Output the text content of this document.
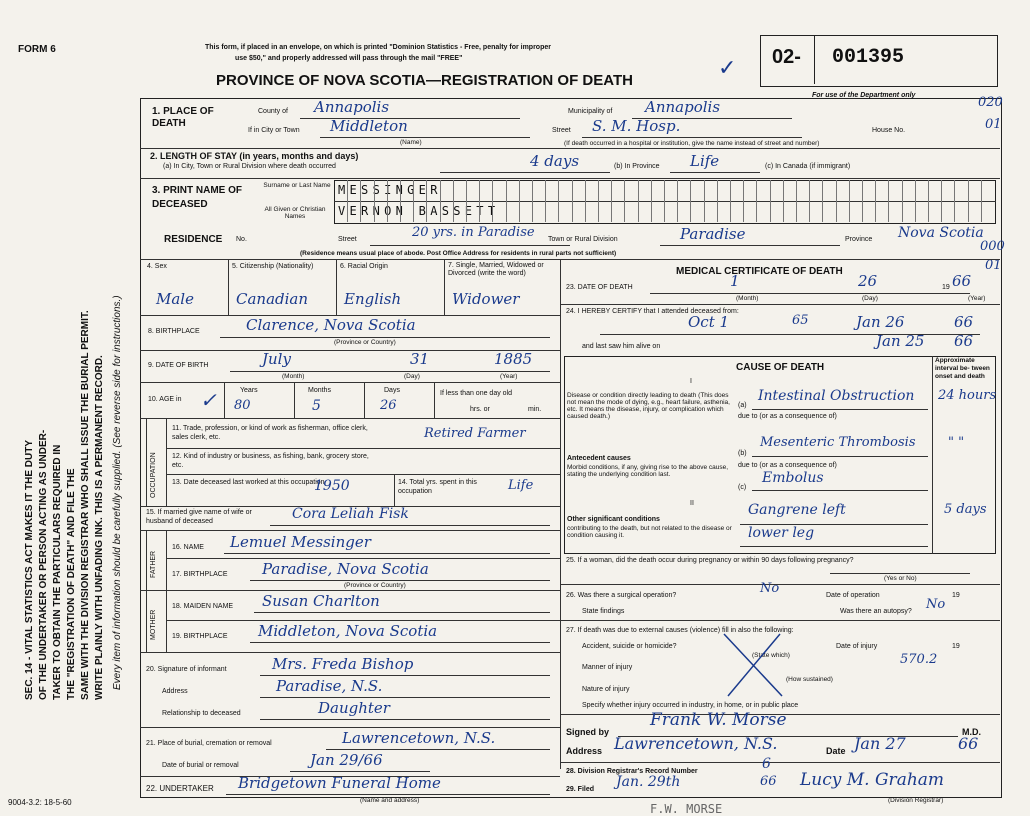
FORM 6
SEC. 14 - VITAL STATISTICS ACT MAKES IT THE DUTY OF THE UNDERTAKER OR PERSON ACTING AS UNDER- TAKER TO OBTAIN THE PARTICULARS REQUIRED IN THE "REGISTRATION OF DEATH" AND FILE THE SAME WITH THE DIVISION REGISTRAR WHO SHALL ISSUE THE BURIAL PERMIT. WRITE PLAINLY WITH UNFADING INK. THIS IS A PERMANENT RECORD. Every item of information should be carefully supplied. (See reverse side for instructions.)
9004-3.2: 18-5-60
This form, if placed in an envelope, on which is printed "Dominion Statistics - Free, penalty for improper
use $50," and properly addressed will pass through the mail "FREE"
PROVINCE OF NOVA SCOTIA—REGISTRATION OF DEATH
02- 001395
✓
For use of the Department only	020
01
000
01
1. PLACE OF DEATH
County of Annapolis	Municipality of Annapolis
If in City or Town Middleton
(Name)
Street S. M. Hosp.	House No.
(If death occurred in a hospital or institution, give the name instead of street and number)
2. LENGTH OF STAY (in years, months and days)
(a) In City, Town or Rural Division where death occurred	4 days	(b) In Province Life	(c) In Canada (if immigrant)
3. PRINT NAME OF DECEASED
Surname or Last Name
All Given or Christian Names
MESSINGER
VERNON BASSETT
RESIDENCE No.	Street	20 yrs. in Paradise Town or Rural Division	Paradise	Province Nova Scotia
(Residence means usual place of abode. Post Office Address for residents in rural parts not sufficient)
4. Sex
Male
5. Citizenship (Nationality)
Canadian
6. Racial Origin
English
7. Single, Married, Widowed or Divorced (write the word)
Widower
8. BIRTHPLACE	Clarence, Nova Scotia
(Province or Country)
9. DATE OF BIRTH	July	31	1885
(Month)	(Day)	(Year)
10. AGE in ✓	Years
80
Months
5
Days
26
If less than one day old
hrs. or	min.
OCCUPATION
11. Trade, profession, or kind of work as fisherman, office clerk, sales clerk, etc.	Retired Farmer
12. Kind of industry or business, as fishing, bank, grocery store, etc.
13. Date deceased last worked at this occupation
1950	14. Total yrs. spent in this occupation	Life
15. If married give name of wife or husband of deceased	Cora Leliah Fisk
FATHER
16. NAME Lemuel Messinger
17. BIRTHPLACE Paradise, Nova Scotia
(Province or Country)
MOTHER
18. MAIDEN NAME Susan Charlton
19. BIRTHPLACE Middleton, Nova Scotia
20. Signature of informant	Mrs. Freda Bishop
Address	Paradise, N.S.
Relationship to deceased	Daughter
21. Place of burial, cremation or removal	Lawrencetown, N.S.
Date of burial or removal	Jan 29/66
22. UNDERTAKER Bridgetown Funeral Home
(Name and address)
MEDICAL CERTIFICATE OF DEATH
23. DATE OF DEATH	1	26	19 66
(Month)	(Day)	(Year)
24. I HEREBY CERTIFY that I attended deceased from:
Oct 1	65	Jan 26	66
and last saw him alive on	Jan 25 66
CAUSE OF DEATH
Approximate interval be- tween onset and death
I
Disease or condition directly leading to death (This does not mean the mode of dying, e.g., heart failure, asthenia, etc. It means the disease, injury, or complication which caused death.)
(a)
Intestinal Obstruction 24 hours
due to (or as a consequence of)
Antecedent causes
Morbid conditions, if any, giving rise to the above cause, stating the underlying condition last.
(b)
Mesenteric Thrombosis " "
due to (or as a consequence of)
(c)
Embolus
II
Other significant conditions
contributing to the death, but not related to the disease or condition causing it.
Gangrene left
lower leg
5 days
25. If a woman, did the death occur during pregnancy or within 90 days following pregnancy?
(Yes or No)
26. Was there a surgical operation?	No	Date of operation	19
State findings	Was there an autopsy? No
27. If death was due to external causes (violence) fill in also the following:
Accident, suicide or homicide?
(State which)
Date of injury	19
Manner of injury
570.2
(How sustained)
Nature of injury
Specify whether injury occurred in industry, in home, or in public place
Signed by
Frank W. Morse
M.D.
Address Lawrencetown, N.S.	Date Jan 27	66
28. Division Registrar's Record Number	6
29. Filed Jan. 29th	66 Lucy M. Graham
(Division Registrar)
F.W. MORSE
